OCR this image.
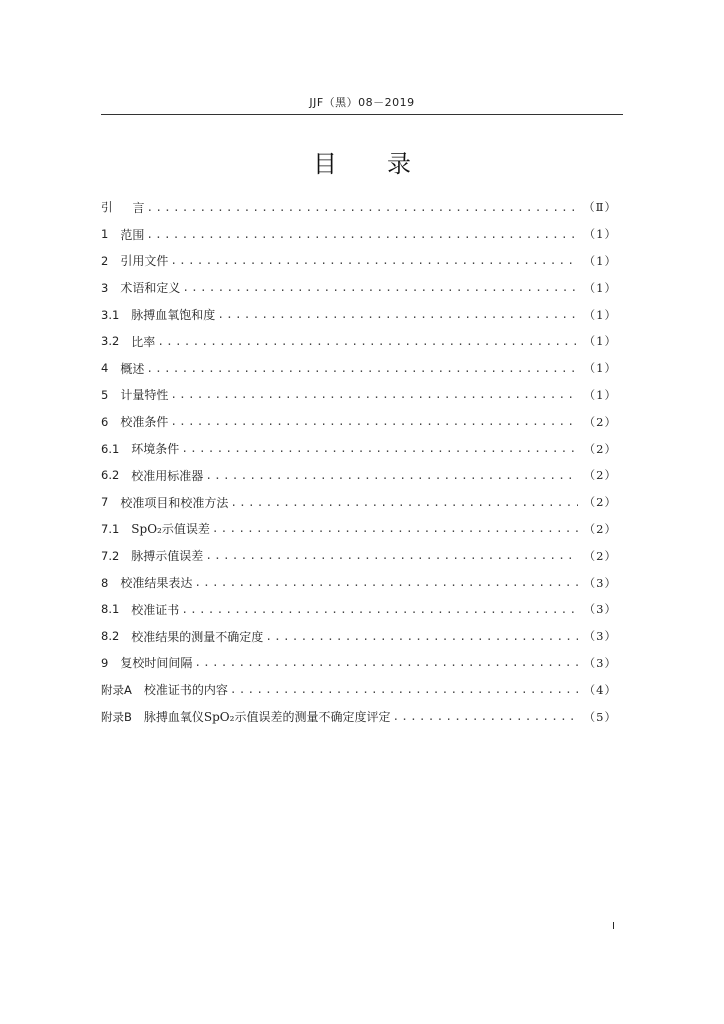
JJF（黑）08－2019
目录
引 言 .....	（Ⅱ）
1 范围 .....	（1）
2 引用文件 .....	（1）
3 术语和定义 .....	（1）
3.1 脉搏血氧饱和度 .....	（1）
3.2 比率 .....	（1）
4 概述 .....	（1）
5 计量特性 .....	（1）
6 校准条件 .....	（2）
6.1 环境条件 .....	（2）
6.2 校准用标准器 .....	（2）
7 校准项目和校准方法 .....	（2）
7.1 SpO₂示值误差 .....	（2）
7.2 脉搏示值误差 .....	（2）
8 校准结果表达 .....	（3）
8.1 校准证书 .....	（3）
8.2 校准结果的测量不确定度 .....	（3）
9 复校时间间隔 .....	（3）
附录A 校准证书的内容 .....	（4）
附录B 脉搏血氧仪SpO₂示值误差的测量不确定度评定 .....	（5）
Ⅰ
